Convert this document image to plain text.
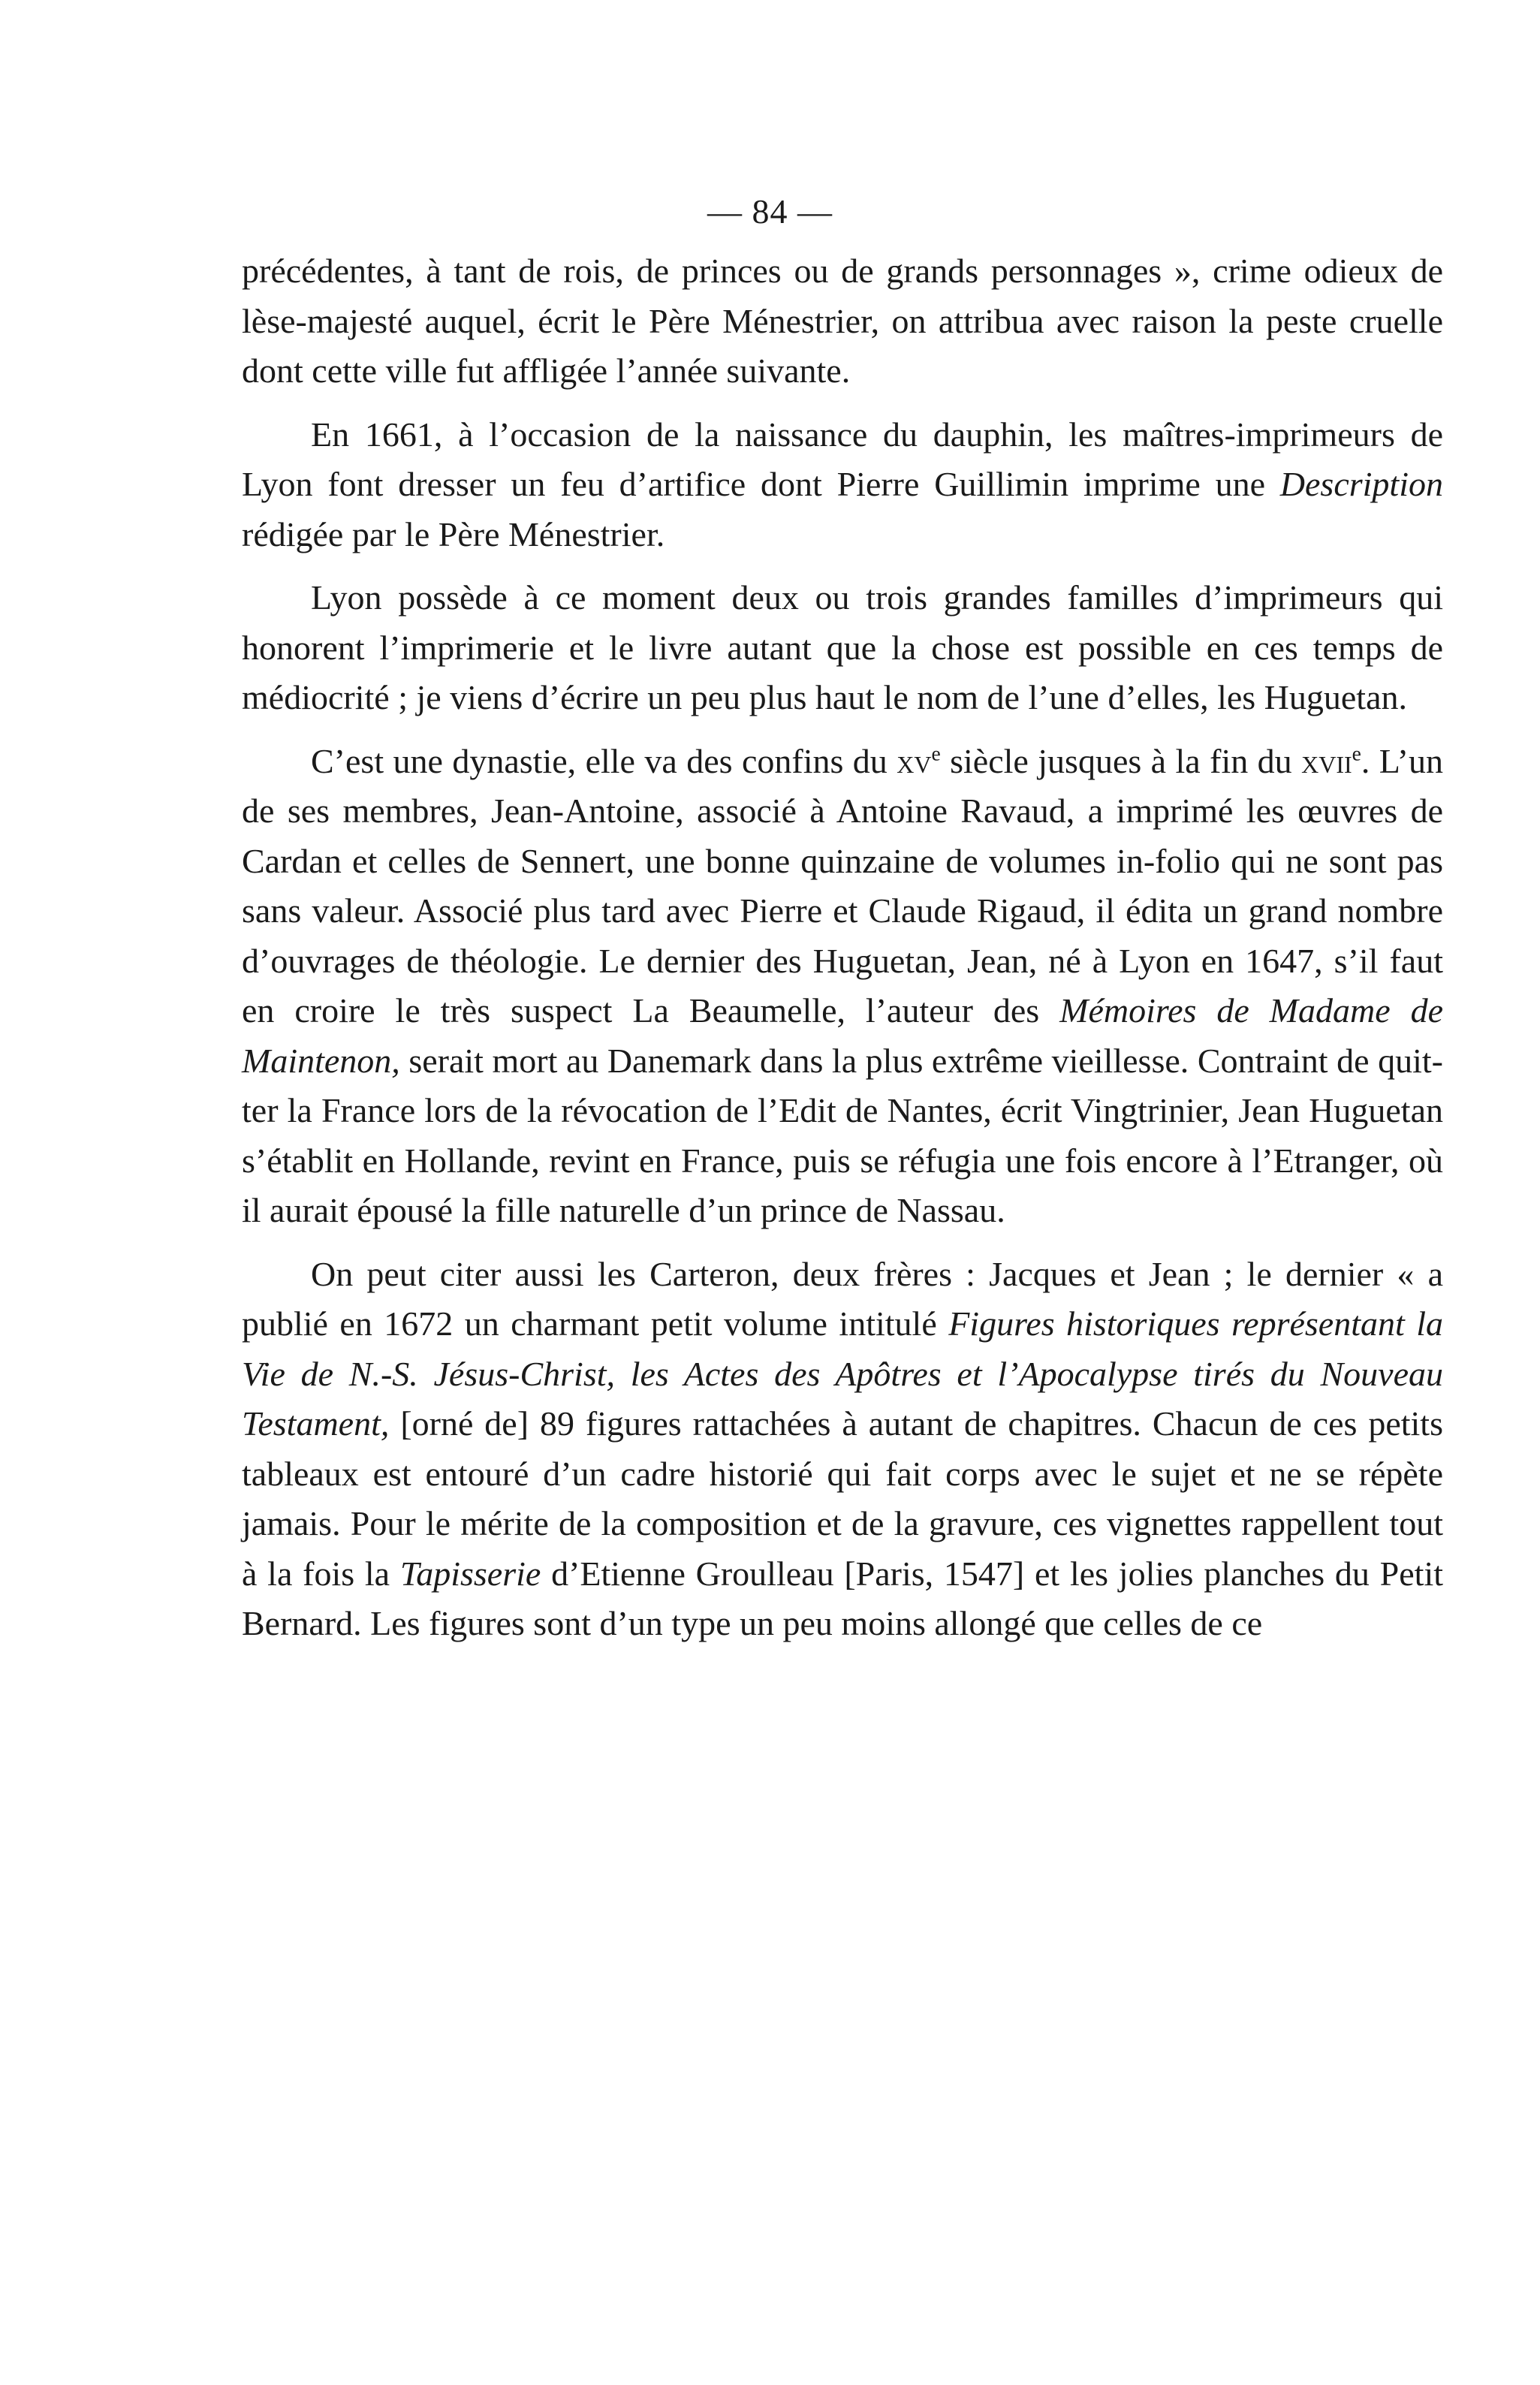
— 84 —

précédentes, à tant de rois, de princes ou de grands personnages », crime odieux de lèse-majesté auquel, écrit le Père Ménestrier, on attribua avec raison la peste cruelle dont cette ville fut affligée l’année suivante.

En 1661, à l’occasion de la naissance du dauphin, les maîtres-imprimeurs de Lyon font dresser un feu d’artifice dont Pierre Guillimin imprime une Description rédigée par le Père Ménestrier.

Lyon possède à ce moment deux ou trois grandes familles d’imprimeurs qui honorent l’imprimerie et le livre autant que la chose est possible en ces temps de médiocrité ; je viens d’écrire un peu plus haut le nom de l’une d’elles, les Huguetan.

C’est une dynastie, elle va des confins du $xv^e$ siècle jusques à la fin du xvii$^e$. L’un de ses membres, Jean-Antoine, associé à Antoine Ravaud, a imprimé les œuvres de Cardan et celles de Sennert, une bonne quinzaine de volumes in-folio qui ne sont pas sans valeur. Associé plus tard avec Pierre et Claude Rigaud, il édita un grand nombre d’ouvrages de théologie. Le dernier des Huguetan, Jean, né à Lyon en 1647, s’il faut en croire le très suspect La Beaumelle, l’auteur des Mémoires de Madame de Maintenon, serait mort au Danemark dans la plus extrême vieillesse. Contraint de quitter la France lors de la révocation de l’Edit de Nantes, écrit Vingtrinier, Jean Huguetan s’établit en Hollande, revint en France, puis se réfugia une fois encore à l’Etranger, où il aurait épousé la fille naturelle d’un prince de Nassau.

On peut citer aussi les Carteron, deux frères : Jacques et Jean ; le dernier « a publié en 1672 un charmant petit volume intitulé Figures historiques représentant la Vie de N.-S. Jésus-Christ, les Actes des Apôtres et l’Apocalypse tirés du Nouveau Testament, [orné de] 89 figures rattachées à autant de chapitres. Chacun de ces petits tableaux est entouré d’un cadre historié qui fait corps avec le sujet et ne se répète jamais. Pour le mérite de la composition et de la gravure, ces vignettes rappellent tout à la fois la Tapisserie d’Etienne Groulleau [Paris, 1547] et les jolies planches du Petit Bernard. Les figures sont d’un type un peu moins allongé que celles de ce
